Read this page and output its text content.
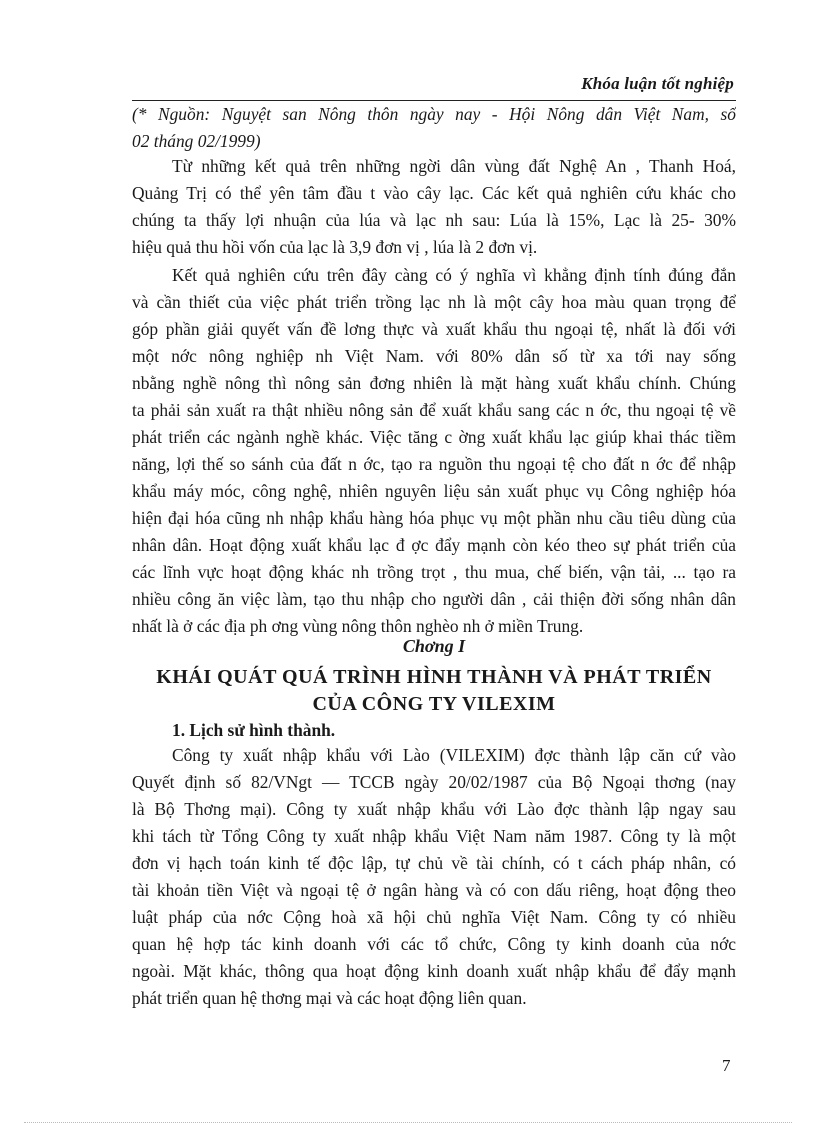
Khóa luận tốt nghiệp
(* Nguồn: Nguyệt san Nông thôn ngày nay - Hội Nông dân Việt Nam, số
02 tháng 02/1999)
Từ những kết quả trên những ngời dân vùng đất Nghệ An , Thanh Hoá,
Quảng Trị có thể yên tâm đầu t vào cây lạc. Các kết quả nghiên cứu khác cho
chúng ta thấy lợi nhuận của lúa và lạc nh sau: Lúa là 15%, Lạc là 25- 30%
hiệu quả thu hồi vốn của lạc là 3,9 đơn vị , lúa là 2 đơn vị.
Kết quả nghiên cứu trên đây càng có ý nghĩa vì khẳng định tính đúng đắn
và cần thiết của việc phát triển trồng lạc nh là một cây hoa màu quan trọng để
góp phần giải quyết vấn đề lơng thực và xuất khẩu thu ngoại tệ, nhất là đối với
một nớc nông nghiệp nh Việt Nam. với 80% dân số từ xa tới nay sống
nbằng nghề nông thì nông sản đơng nhiên là mặt hàng xuất khẩu chính. Chúng
ta phải sản xuất ra thật nhiều nông sản để xuất khẩu sang các n ớc, thu ngoại tệ về
phát triển các ngành nghề khác. Việc tăng c ờng xuất khẩu lạc giúp khai thác tiềm
năng, lợi thế so sánh của đất n ớc, tạo ra nguồn thu ngoại tệ cho đất n ớc để nhập
khẩu máy móc, công nghệ, nhiên nguyên liệu sản xuất phục vụ Công nghiệp hóa
hiện đại hóa cũng nh nhập khẩu hàng hóa phục vụ một phần nhu cầu tiêu dùng của
nhân dân. Hoạt động xuất khẩu lạc đ ợc đẩy mạnh còn kéo theo sự phát triển của
các lĩnh vực hoạt động khác nh trồng trọt , thu mua, chế biến, vận tải, ... tạo ra
nhiều công ăn việc làm, tạo thu nhập cho người dân , cải thiện đời sống nhân dân
nhất là ở các địa ph ơng vùng nông thôn nghèo nh ở miền Trung.
Chơng I
KHÁI QUÁT QUÁ TRÌNH HÌNH THÀNH VÀ PHÁT TRIỂN
CỦA CÔNG TY VILEXIM
1. Lịch sử hình thành.
Công ty xuất nhập khẩu với Lào (VILEXIM) đợc thành lập căn cứ vào
Quyết định số 82/VNgt — TCCB ngày 20/02/1987 của Bộ Ngoại thơng (nay
là Bộ Thơng mại). Công ty xuất nhập khẩu với Lào đợc thành lập ngay sau
khi tách từ Tổng Công ty xuất nhập khẩu Việt Nam năm 1987. Công ty là một
đơn vị hạch toán kinh tế độc lập, tự chủ về tài chính, có t cách pháp nhân, có
tài khoản tiền Việt và ngoại tệ ở ngân hàng và có con dấu riêng, hoạt động theo
luật pháp của nớc Cộng hoà xã hội chủ nghĩa Việt Nam. Công ty có nhiều
quan hệ hợp tác kinh doanh với các tổ chức, Công ty kinh doanh của nớc
ngoài. Mặt khác, thông qua hoạt động kinh doanh xuất nhập khẩu để đẩy mạnh
phát triển quan hệ thơng mại và các hoạt động liên quan.
7
